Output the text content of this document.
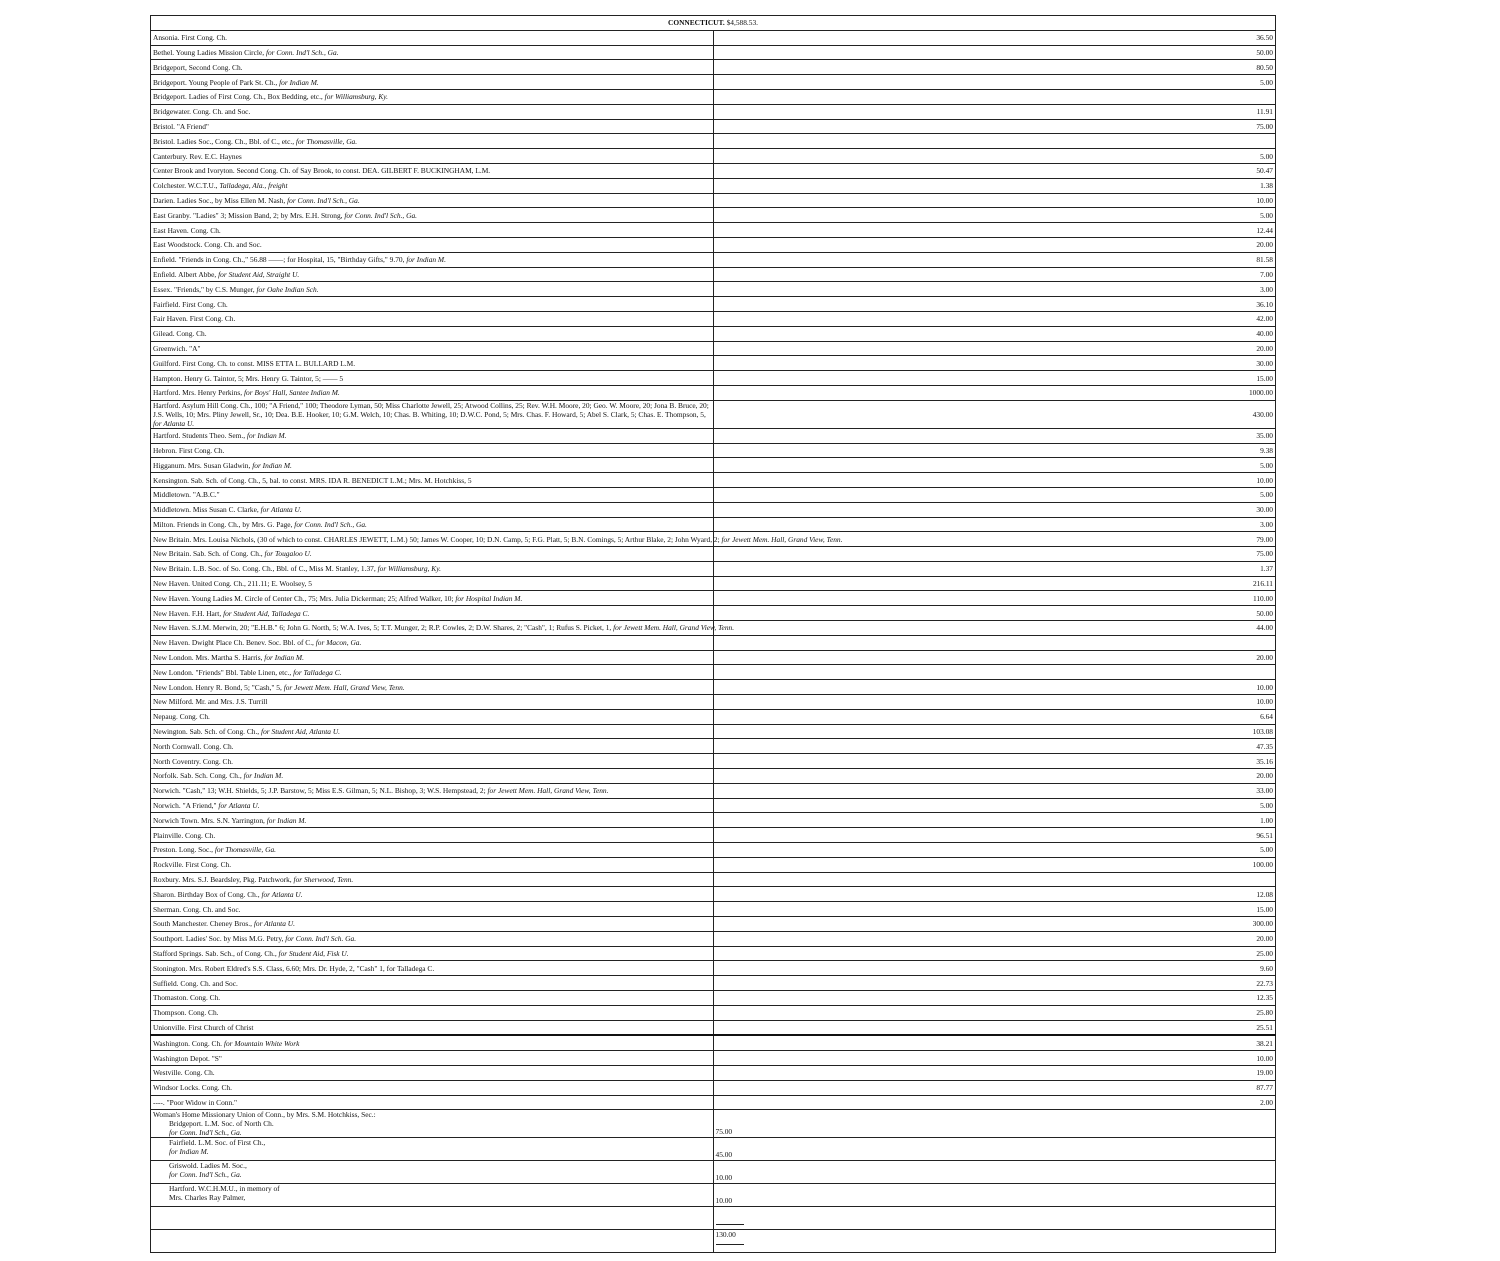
CONNECTICUT. $4,588.53.	
Ansonia. First Cong. Ch.	36.50
Bethel. Young Ladies Mission Circle, for Conn. Ind'l Sch., Ga.	50.00
Bridgeport, Second Cong. Ch.	80.50
Bridgeport. Young People of Park St. Ch., for Indian M.	5.00
Bridgeport. Ladies of First Cong. Ch., Box Bedding, etc., for Williamsburg, Ky.	
Bridgewater. Cong. Ch. and Soc.	11.91
Bristol. "A Friend"	75.00
Bristol. Ladies Soc., Cong. Ch., Bbl. of C., etc., for Thomasville, Ga.	
Canterbury. Rev. E.C. Haynes	5.00
Center Brook and Ivoryton. Second Cong. Ch. of Say Brook, to const. DEA. GILBERT F. BUCKINGHAM, L.M.	50.47
Colchester. W.C.T.U., Talladega, Ala., freight	1.38
Darien. Ladies Soc., by Miss Ellen M. Nash, for Conn. Ind'l Sch., Ga.	10.00
East Granby. "Ladies" 3; Mission Band, 2; by Mrs. E.H. Strong, for Conn. Ind'l Sch., Ga.	5.00
East Haven. Cong. Ch.	12.44
East Woodstock. Cong. Ch. and Soc.	20.00
Enfield. "Friends in Cong. Ch.," 56.88 ——; for Hospital, 15, "Birthday Gifts," 9.70, for Indian M.	81.58
Enfield. Albert Abbe, for Student Aid, Straight U.	7.00
Essex. "Friends," by C.S. Munger, for Oahe Indian Sch.	3.00
Fairfield. First Cong. Ch.	36.10
Fair Haven. First Cong. Ch.	42.00
Gilead. Cong. Ch.	40.00
Greenwich. "A"	20.00
Guilford. First Cong. Ch. to const. MISS ETTA L. BULLARD L.M.	30.00
Hampton. Henry G. Taintor, 5; Mrs. Henry G. Taintor, 5; —— 5	15.00
Hartford. Mrs. Henry Perkins, for Boys' Hall, Santee Indian M.	1000.00
Hartford. Asylum Hill Cong. Ch., 100; "A Friend," 100; Theodore Lyman, 50; Miss Charlotte Jewell, 25; Atwood Collins, 25; Rev. W.H. Moore, 20; Geo. W. Moore, 20; Jona B. Bruce, 20; J.S. Wells, 10; Mrs. Pliny Jewell, Sr., 10; Dea. B.E. Hooker, 10; G.M. Welch, 10; Chas. B. Whiting, 10; D.W.C. Pond, 5; Mrs. Chas. F. Howard, 5; Abel S. Clark, 5; Chas. E. Thompson, 5, for Atlanta U.	430.00
Hartford. Students Theo. Sem., for Indian M.	35.00
Hebron. First Cong. Ch.	9.38
Higganum. Mrs. Susan Gladwin, for Indian M.	5.00
Kensington. Sab. Sch. of Cong. Ch., 5, bal. to const. MRS. IDA R. BENEDICT L.M.; Mrs. M. Hotchkiss, 5	10.00
Middletown. "A.B.C."	5.00
Middletown. Miss Susan C. Clarke, for Atlanta U.	30.00
Milton. Friends in Cong. Ch., by Mrs. G. Page, for Conn. Ind'l Sch., Ga.	3.00
New Britain. Mrs. Louisa Nichols, (30 of which to const. CHARLES JEWETT, L.M.) 50; James W. Cooper, 10; D.N. Camp, 5; F.G. Platt, 5; B.N. Comings, 5; Arthur Blake, 2; John Wyard, 2; for Jewett Mem. Hall, Grand View, Tenn.	79.00
New Britain. Sab. Sch. of Cong. Ch., for Tougaloo U.	75.00
New Britain. L.B. Soc. of So. Cong. Ch., Bbl. of C., Miss M. Stanley, 1.37, for Williamsburg, Ky.	1.37
New Haven. United Cong. Ch., 211.11; E. Woolsey, 5	216.11
New Haven. Young Ladies M. Circle of Center Ch., 75; Mrs. Julia Dickerman; 25; Alfred Walker, 10; for Hospital Indian M.	110.00
New Haven. F.H. Hart, for Student Aid, Talladega C.	50.00
New Haven. S.J.M. Merwin, 20; "E.H.B." 6; John G. North, 5; W.A. Ives, 5; T.T. Munger, 2; R.P. Cowles, 2; D.W. Shares, 2; "Cash", 1; Rufus S. Picket, 1, for Jewett Mem. Hall, Grand View, Tenn.	44.00
New Haven. Dwight Place Ch. Benev. Soc. Bbl. of C., for Macon, Ga.	
New London. Mrs. Martha S. Harris, for Indian M.	20.00
New London. "Friends" Bbl. Table Linen, etc., for Talladega C.	
New London. Henry R. Bond, 5; "Cash," 5, for Jewett Mem. Hall, Grand View, Tenn.	10.00
New Milford. Mr. and Mrs. J.S. Turrill	10.00
Nepaug. Cong. Ch.	6.64
Newington. Sab. Sch. of Cong. Ch., for Student Aid, Atlanta U.	103.08
North Cornwall. Cong. Ch.	47.35
North Coventry. Cong. Ch.	35.16
Norfolk. Sab. Sch. Cong. Ch., for Indian M.	20.00
Norwich. "Cash," 13; W.H. Shields, 5; J.P. Barstow, 5; Miss E.S. Gilman, 5; N.L. Bishop, 3; W.S. Hempstead, 2; for Jewett Mem. Hall, Grand View, Tenn.	33.00
Norwich. "A Friend," for Atlanta U.	5.00
Norwich Town. Mrs. S.N. Yarrington, for Indian M.	1.00
Plainville. Cong. Ch.	96.51
Preston. Long. Soc., for Thomasville, Ga.	5.00
Rockville. First Cong. Ch.	100.00
Roxbury. Mrs. S.J. Beardsley, Pkg. Patchwork, for Sherwood, Tenn.	
Sharon. Birthday Box of Cong. Ch., for Atlanta U.	12.08
Sherman. Cong. Ch. and Soc.	15.00
South Manchester. Cheney Bros., for Atlanta U.	300.00
Southport. Ladies' Soc. by Miss M.G. Petry, for Conn. Ind'l Sch. Ga.	20.00
Stafford Springs. Sab. Sch., of Cong. Ch., for Student Aid, Fisk U.	25.00
Stonington. Mrs. Robert Eldred's S.S. Class, 6.60; Mrs. Dr. Hyde, 2, "Cash" 1, for Talladega C.	9.60
Suffield. Cong. Ch. and Soc.	22.73
Thomaston. Cong. Ch.	12.35
Thompson. Cong. Ch.	25.80
Unionville. First Church of Christ	25.51
Washington. Cong. Ch. for Mountain White Work	38.21
Washington Depot. "S"	10.00
Westville. Cong. Ch.	19.00
Windsor Locks. Cong. Ch.	87.77
----. "Poor Widow in Conn."	2.00

Woman's Home Missionary Union of Conn., by Mrs. S.M. Hotchkiss, Sec.:
Bridgeport. L.M. Soc. of North Ch.
for Conn. Ind'l Sch., Ga.	75.00

Fairfield. L.M. Soc. of First Ch.,
for Indian M.	45.00

Griswold. Ladies M. Soc.,
for Conn. Ind'l Sch., Ga.	10.00

Hartford. W.C.H.M.U., in memory of
Mrs. Charles Ray Palmer,	10.00

	130.00
